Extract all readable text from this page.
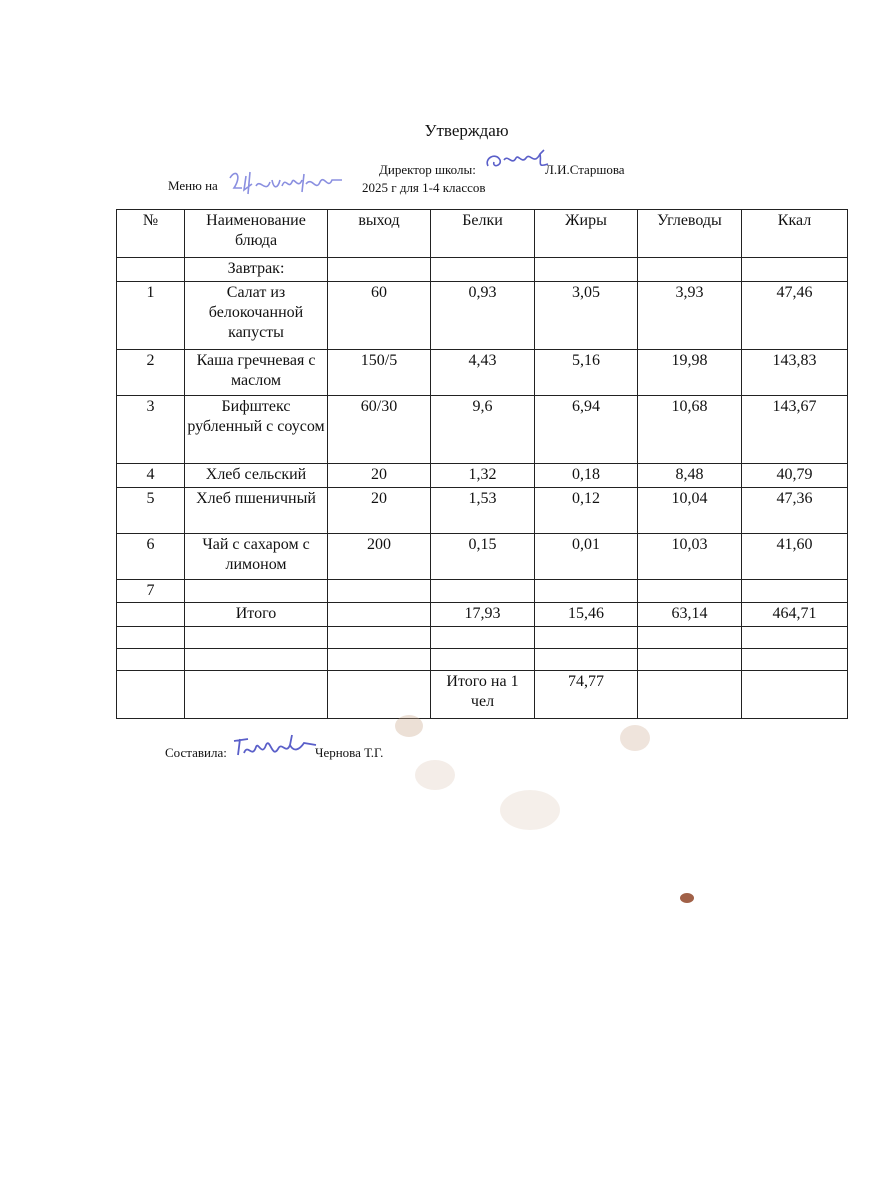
Утверждаю
Директор школы:	Л.И.Старшова
Меню на	2025 г для 1-4 классов
№	Наименование блюда	выход	Белки	Жиры	Углеводы	Ккал
	Завтрак:					
1	Салат из белокочанной капусты	60	0,93	3,05	3,93	47,46
2	Каша гречневая с маслом	150/5	4,43	5,16	19,98	143,83
3	Бифштекс рубленный с соусом	60/30	9,6	6,94	10,68	143,67
4	Хлеб сельский	20	1,32	0,18	8,48	40,79
5	Хлеб пшеничный	20	1,53	0,12	10,04	47,36
6	Чай с сахаром с лимоном	200	0,15	0,01	10,03	41,60
7						
	Итого		17,93	15,46	63,14	464,71

			Итого на 1 чел	74,77		
Составила:	Чернова Т.Г.
